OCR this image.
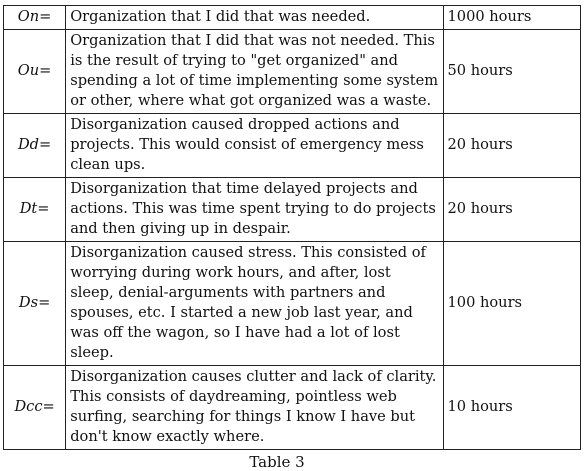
On=	Organization that I did that was needed.	1000 hours
Ou=	Organization that I did that was not needed. This is the result of trying to "get organized" and spending a lot of time implementing some system or other, where what got organized was a waste.	50 hours
Dd=	Disorganization caused dropped actions and projects. This would consist of emergency mess clean ups.	20 hours
Dt=	Disorganization that time delayed projects and actions. This was time spent trying to do projects and then giving up in despair.	20 hours
Ds=	Disorganization caused stress. This consisted of worrying during work hours, and after, lost sleep, denial-arguments with partners and spouses, etc. I started a new job last year, and was off the wagon, so I have had a lot of lost sleep.	100 hours
Dcc=	Disorganization causes clutter and lack of clarity. This consists of daydreaming, pointless web surfing, searching for things I know I have but don't know exactly where.	10 hours
Table 3
